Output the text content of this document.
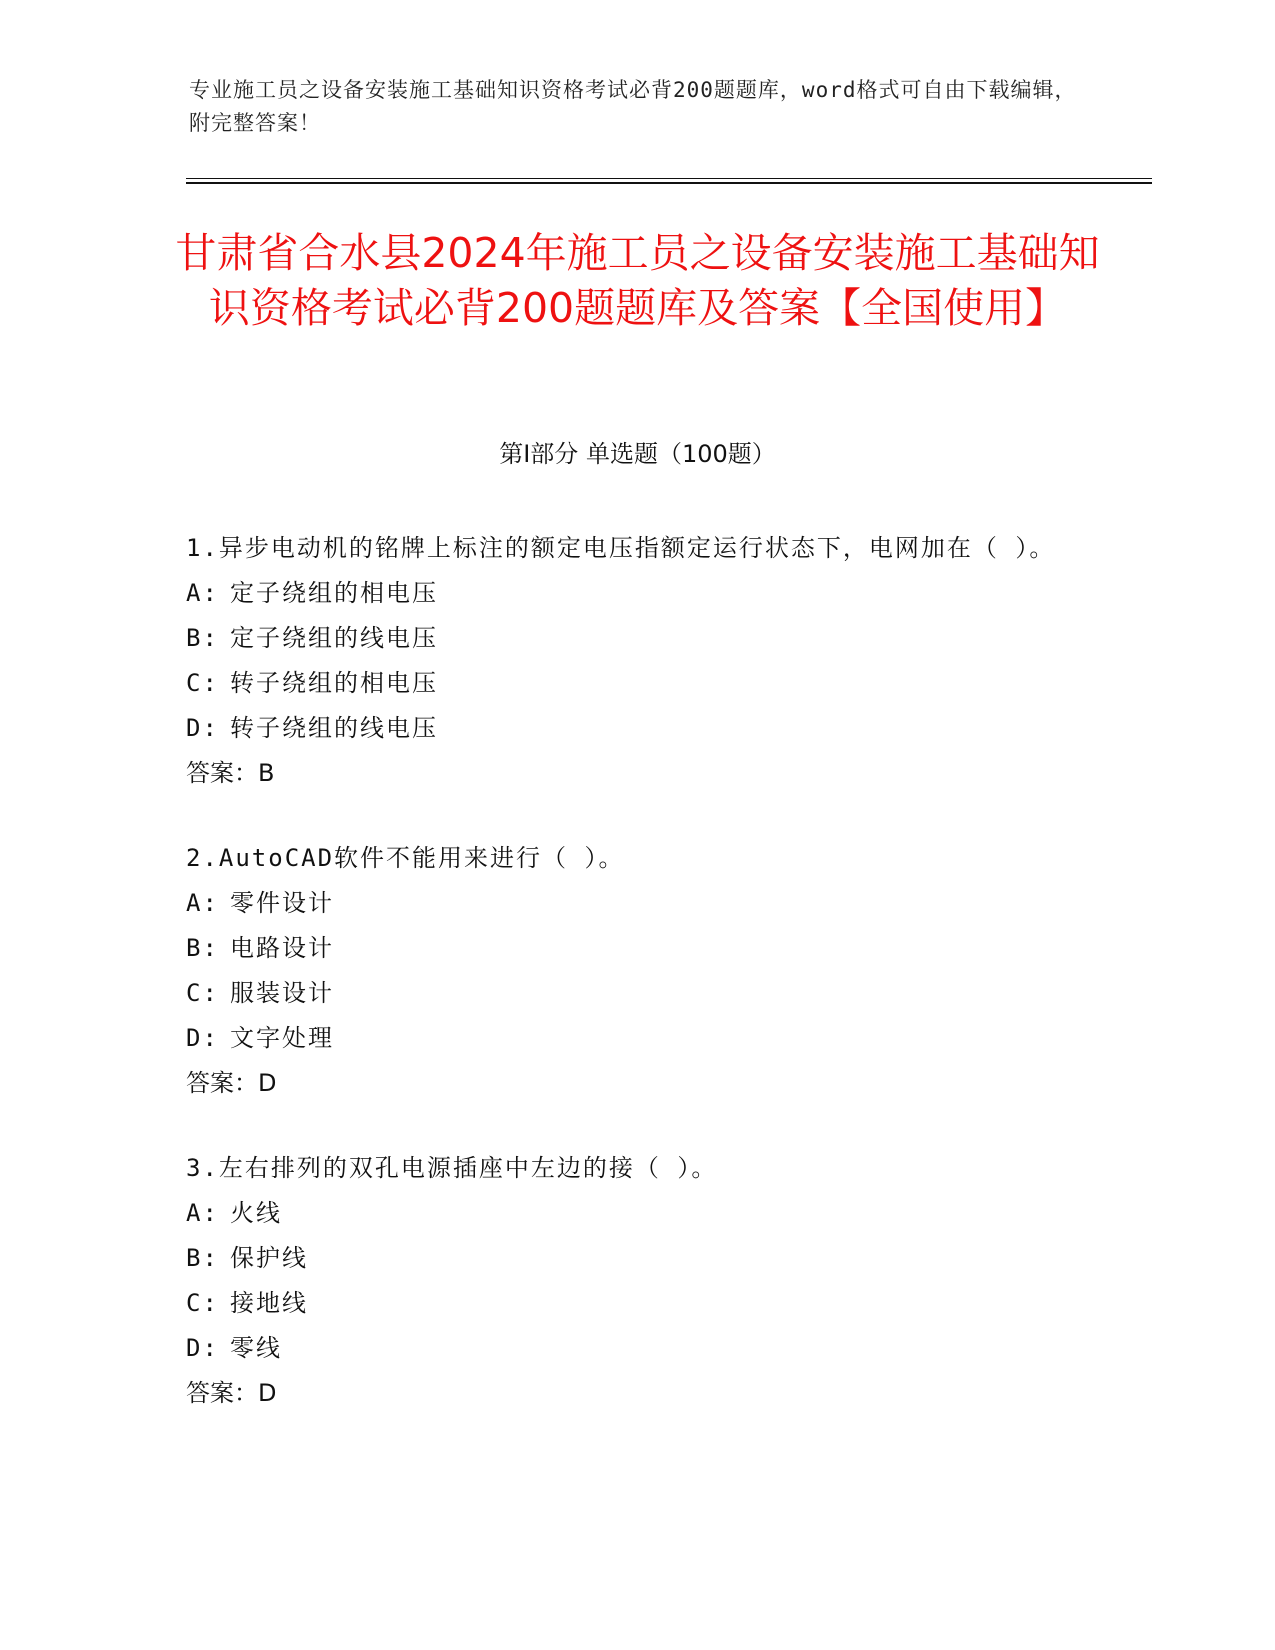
专业施工员之设备安装施工基础知识资格考试必背200题题库，word格式可自由下载编辑，附完整答案！
甘肃省合水县2024年施工员之设备安装施工基础知识资格考试必背200题题库及答案【全国使用】
第Ⅰ部分 单选题（100题）
1.异步电动机的铭牌上标注的额定电压指额定运行状态下，电网加在（ ）。
A: 定子绕组的相电压
B: 定子绕组的线电压
C: 转子绕组的相电压
D: 转子绕组的线电压
答案：B
2.AutoCAD软件不能用来进行（ ）。
A: 零件设计
B: 电路设计
C: 服装设计
D: 文字处理
答案：D
3.左右排列的双孔电源插座中左边的接（ ）。
A: 火线
B: 保护线
C: 接地线
D: 零线
答案：D
